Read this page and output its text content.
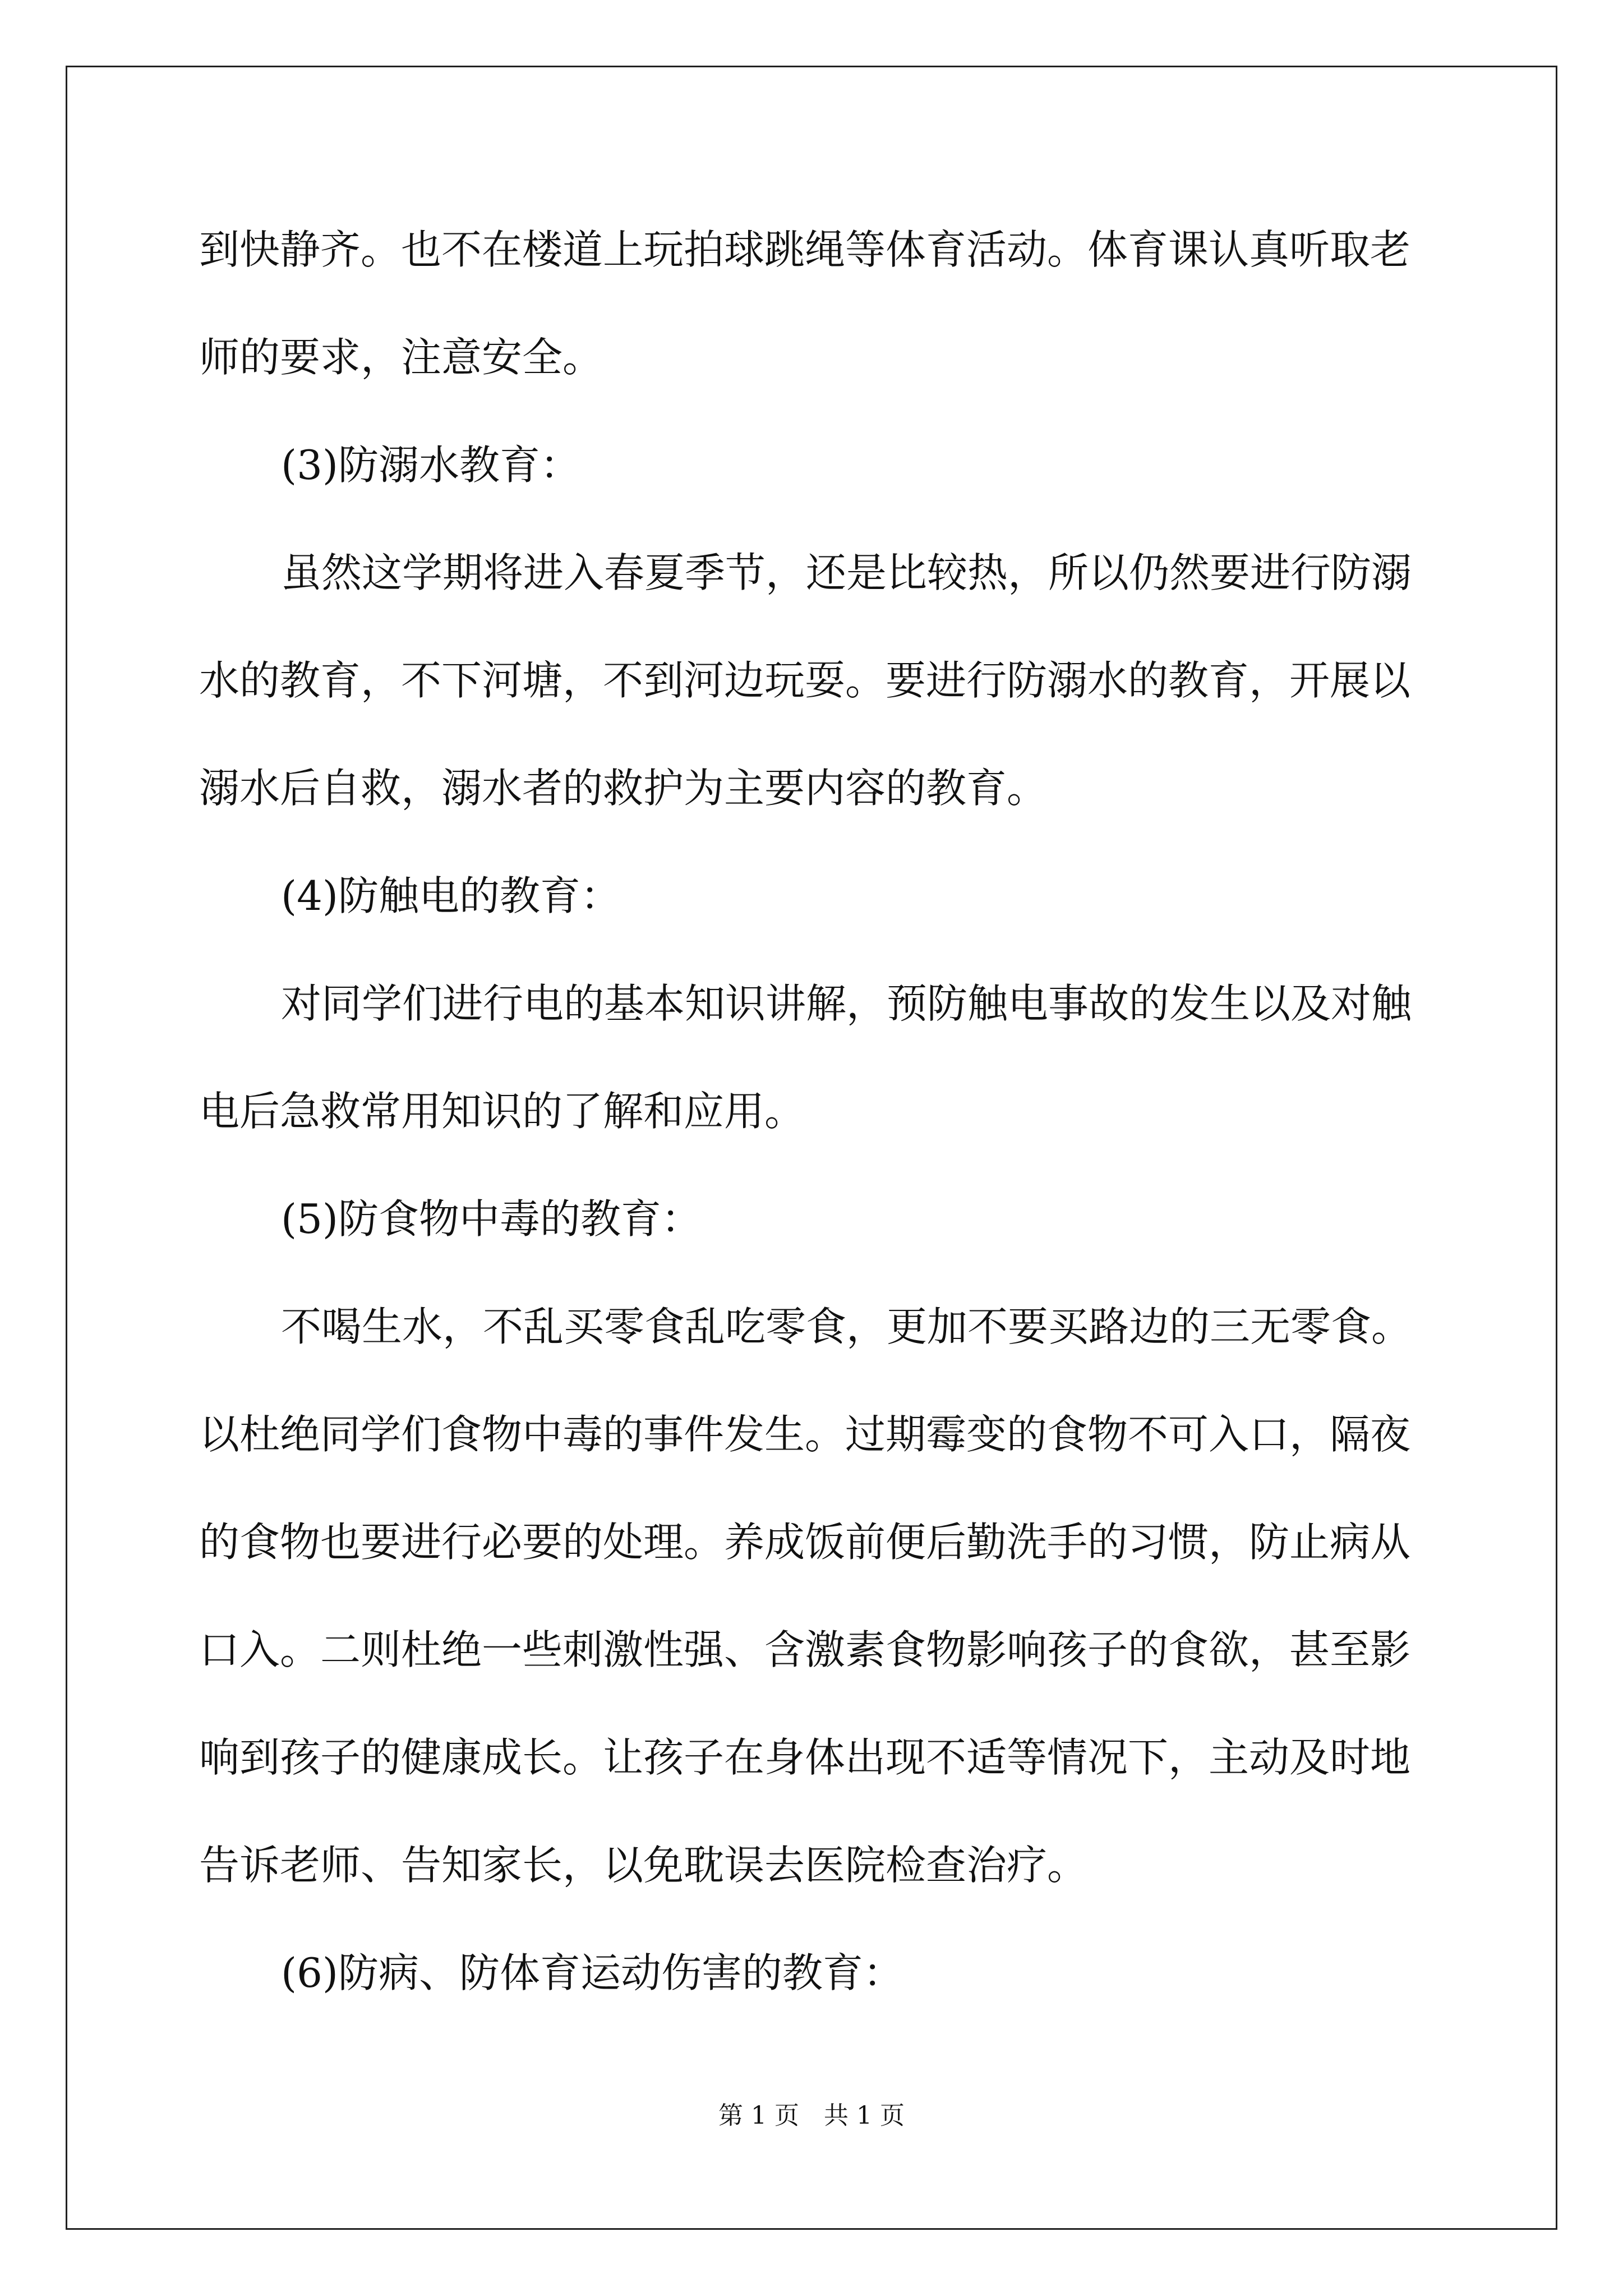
到快静齐。也不在楼道上玩拍球跳绳等体育活动。体育课认真听取老
师的要求，注意安全。
(3)防溺水教育：
虽然这学期将进入春夏季节，还是比较热，所以仍然要进行防溺
水的教育，不下河塘，不到河边玩耍。要进行防溺水的教育，开展以
溺水后自救，溺水者的救护为主要内容的教育。
(4)防触电的教育：
对同学们进行电的基本知识讲解，预防触电事故的发生以及对触
电后急救常用知识的了解和应用。
(5)防食物中毒的教育：
不喝生水，不乱买零食乱吃零食，更加不要买路边的三无零食。
以杜绝同学们食物中毒的事件发生。过期霉变的食物不可入口，隔夜
的食物也要进行必要的处理。养成饭前便后勤洗手的习惯，防止病从
口入。二则杜绝一些刺激性强、含激素食物影响孩子的食欲，甚至影
响到孩子的健康成长。让孩子在身体出现不适等情况下，主动及时地
告诉老师、告知家长，以免耽误去医院检查治疗。
(6)防病、防体育运动伤害的教育：
第 1 页　共 1 页
